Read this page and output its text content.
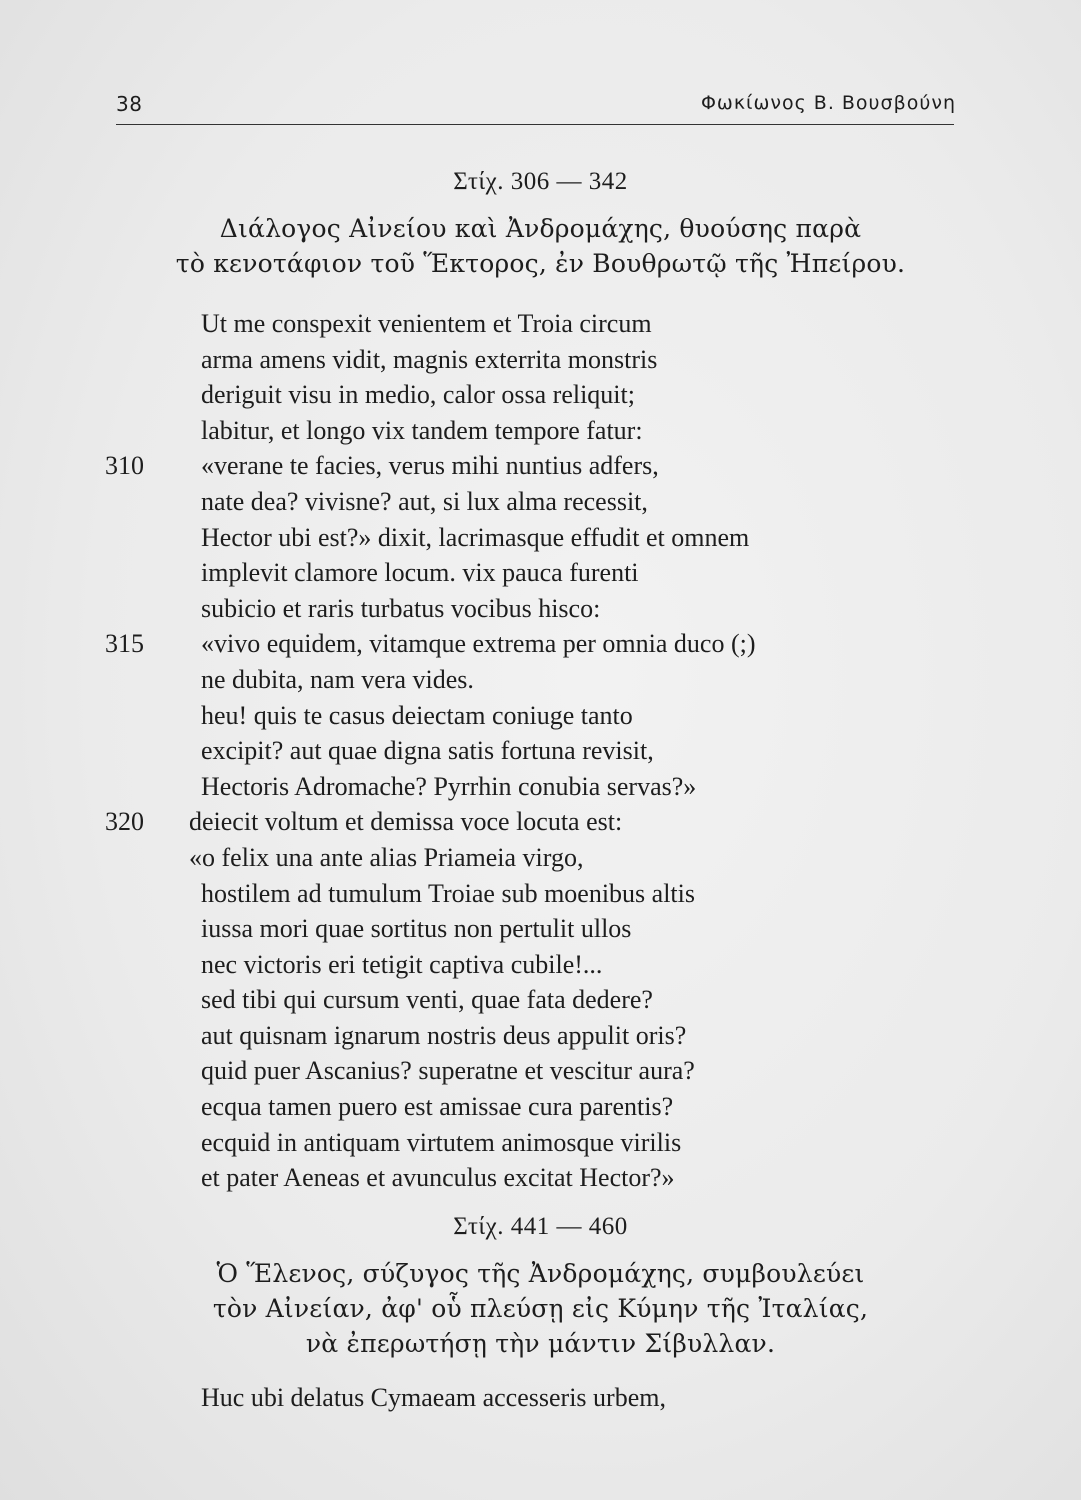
38	Φωκίωνος Β. Βουσβούνη
Στίχ. 306 — 342
Διάλογος Αἰνείου καὶ Ἀνδρομάχης, θυούσης παρὰ
τὸ κενοτάφιον τοῦ Ἕκτορος, ἐν Βουθρωτῷ τῆς Ἠπείρου.
Ut me conspexit venientem et Troia circum
arma amens vidit, magnis exterrita monstris
deriguit visu in medio, calor ossa reliquit;
labitur, et longo vix tandem tempore fatur:
310	«verane te facies, verus mihi nuntius adfers,
nate dea? vivisne? aut, si lux alma recessit,
Hector ubi est?» dixit, lacrimasque effudit et omnem
implevit clamore locum. vix pauca furenti
subicio et raris turbatus vocibus hisco:
315	«vivo equidem, vitamque extrema per omnia duco (;)
ne dubita, nam vera vides.
heu! quis te casus deiectam coniuge tanto
excipit? aut quae digna satis fortuna revisit,
Hectoris Adromache? Pyrrhin conubia servas?»
320	deiecit voltum et demissa voce locuta est:
«o felix una ante alias Priameia virgo,
hostilem ad tumulum Troiae sub moenibus altis
iussa mori quae sortitus non pertulit ullos
nec victoris eri tetigit captiva cubile!...
sed tibi qui cursum venti, quae fata dedere?
aut quisnam ignarum nostris deus appulit oris?
quid puer Ascanius? superatne et vescitur aura?
ecqua tamen puero est amissae cura parentis?
ecquid in antiquam virtutem animosque virilis
et pater Aeneas et avunculus excitat Hector?»
Στίχ. 441 — 460
Ὁ Ἕλενος, σύζυγος τῆς Ἀνδρομάχης, συμβουλεύει
τὸν Αἰνείαν, ἀφ' οὗ πλεύσῃ εἰς Κύμην τῆς Ἰταλίας,
νὰ ἐπερωτήσῃ τὴν μάντιν Σίβυλλαν.
Huc ubi delatus Cymaeam accesseris urbem,
